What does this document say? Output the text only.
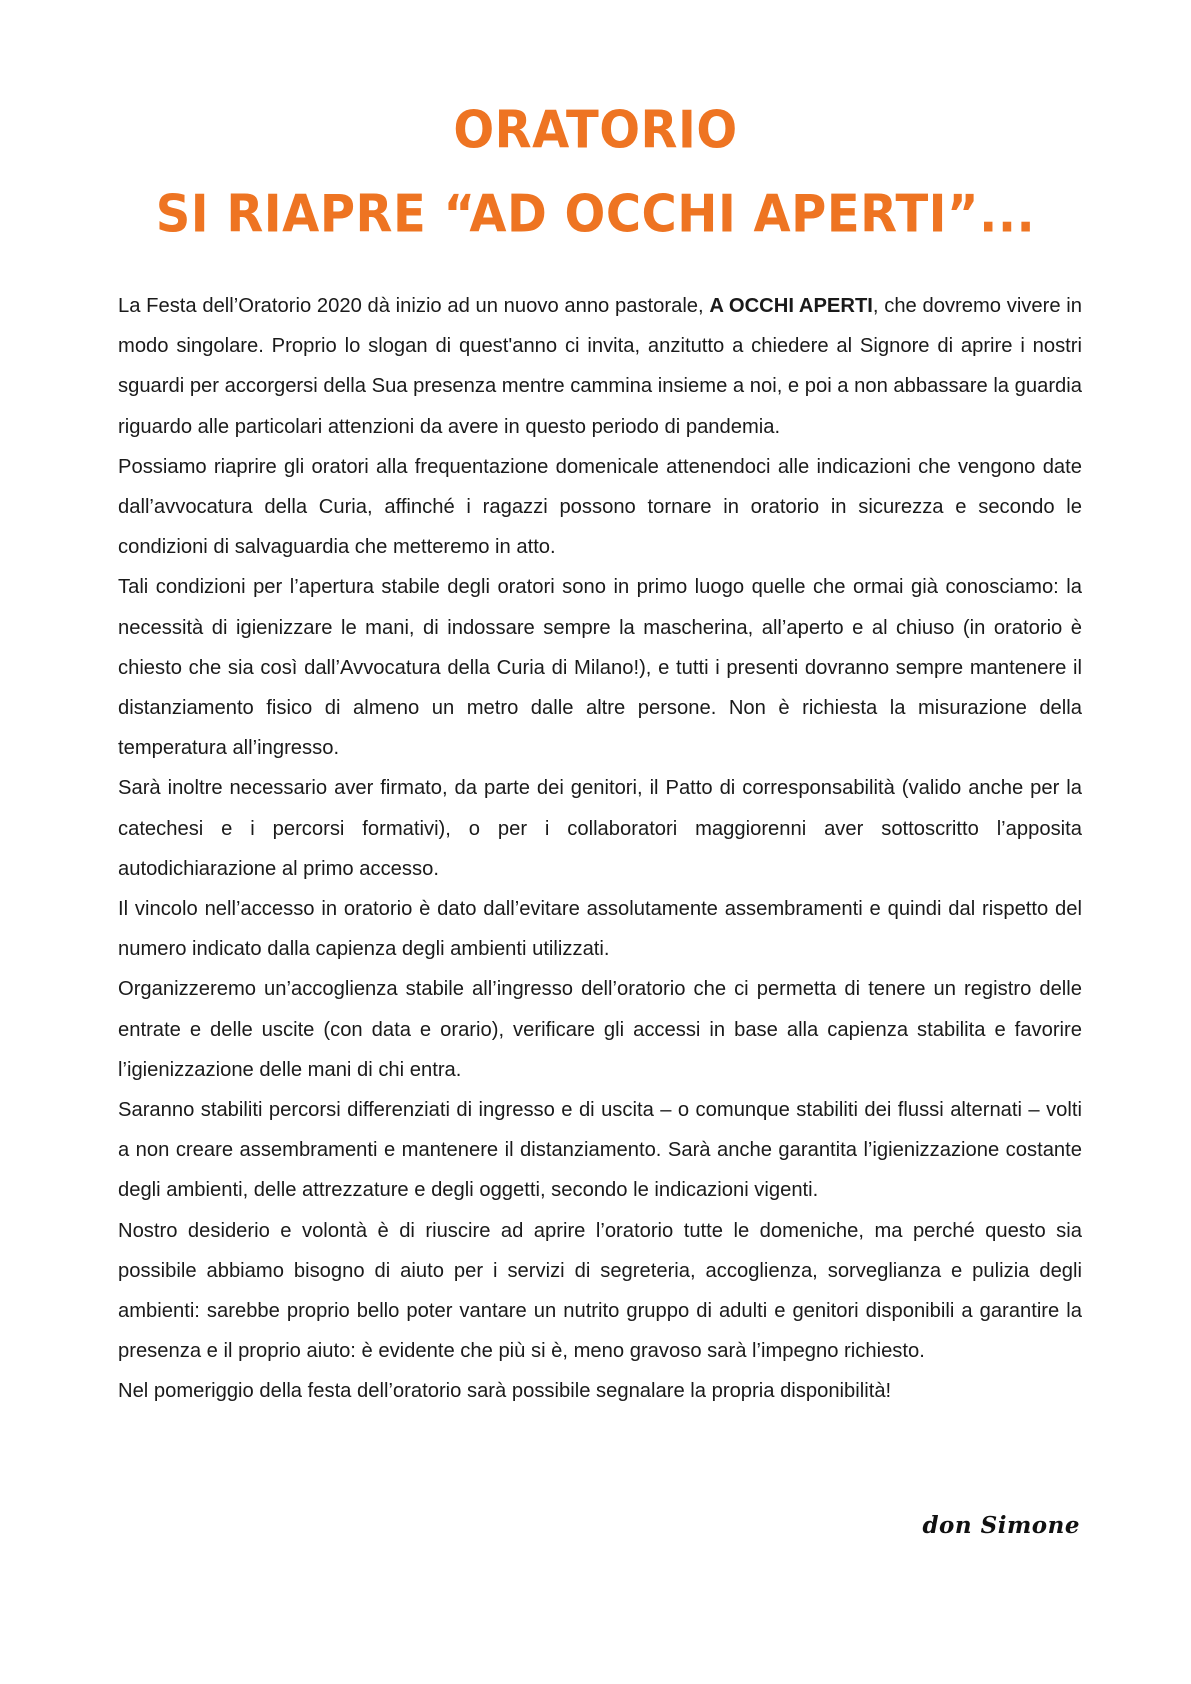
ORATORIO
SI RIAPRE “AD OCCHI APERTI”...

La Festa dell’Oratorio 2020 dà inizio ad un nuovo anno pastorale, A OCCHI APERTI, che dovremo vivere in modo singolare. Proprio lo slogan di quest'anno ci invita, anzitutto a chiedere al Signore di aprire i nostri sguardi per accorgersi della Sua presenza mentre cammina insieme a noi, e poi a non abbassare la guardia riguardo alle particolari attenzioni da avere in questo periodo di pandemia.

Possiamo riaprire gli oratori alla frequentazione domenicale attenendoci alle indicazioni che vengono date dall’avvocatura della Curia, affinché i ragazzi possono tornare in oratorio in sicurezza e secondo le condizioni di salvaguardia che metteremo in atto.

Tali condizioni per l’apertura stabile degli oratori sono in primo luogo quelle che ormai già conosciamo: la necessità di igienizzare le mani, di indossare sempre la mascherina, all’aperto e al chiuso (in oratorio è chiesto che sia così dall’Avvocatura della Curia di Milano!), e tutti i presenti dovranno sempre mantenere il distanziamento fisico di almeno un metro dalle altre persone. Non è richiesta la misurazione della temperatura all’ingresso.

Sarà inoltre necessario aver firmato, da parte dei genitori, il Patto di corresponsabilità (valido anche per la catechesi e i percorsi formativi), o per i collaboratori maggiorenni aver sottoscritto l’apposita autodichiarazione al primo accesso.

Il vincolo nell’accesso in oratorio è dato dall’evitare assolutamente assembramenti e quindi dal rispetto del numero indicato dalla capienza degli ambienti utilizzati.

Organizzeremo un’accoglienza stabile all’ingresso dell’oratorio che ci permetta di tenere un registro delle entrate e delle uscite (con data e orario), verificare gli accessi in base alla capienza stabilita e favorire l’igienizzazione delle mani di chi entra.

Saranno stabiliti percorsi differenziati di ingresso e di uscita – o comunque stabiliti dei flussi alternati – volti a non creare assembramenti e mantenere il distanziamento. Sarà anche garantita l’igienizzazione costante degli ambienti, delle attrezzature e degli oggetti, secondo le indicazioni vigenti.

Nostro desiderio e volontà è di riuscire ad aprire l’oratorio tutte le domeniche, ma perché questo sia possibile abbiamo bisogno di aiuto per i servizi di segreteria, accoglienza, sorveglianza e pulizia degli ambienti: sarebbe proprio bello poter vantare un nutrito gruppo di adulti e genitori disponibili a garantire la presenza e il proprio aiuto: è evidente che più si è, meno gravoso sarà l’impegno richiesto.

Nel pomeriggio della festa dell’oratorio sarà possibile segnalare la propria disponibilità!

don Simone
